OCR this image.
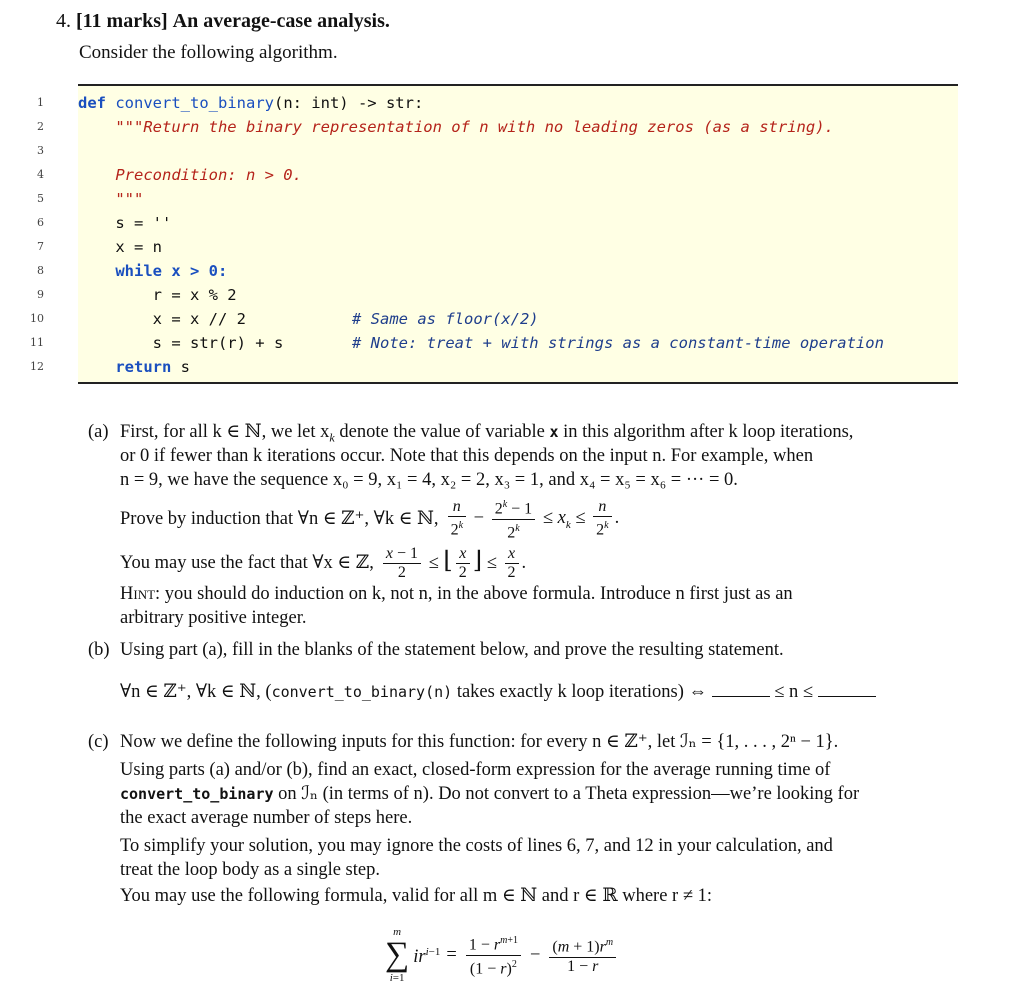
4. [11 marks] An average-case analysis.
Consider the following algorithm.
1 def convert_to_binary(n: int) -> str:
2	"""Return the binary representation of n with no leading zeros (as a string).
3
4	Precondition: n > 0.
5	"""
6	s = ''
7	x = n
8	while x > 0:
9	r = x % 2
10	x = x // 2	# Same as floor(x/2)
11	s = str(r) + s	# Note: treat + with strings as a constant-time operation
12	return s
(a) First, for all k ∈ ℕ, we let $x_k$ denote the value of variable x in this algorithm after k loop iterations,
or 0 if fewer than k iterations occur. Note that this depends on the input n. For example, when
n = 9, we have the sequence x₀ = 9, x₁ = 4, x₂ = 2, x₃ = 1, and x₄ = x₅ = x₆ = ··· = 0.
Prove by induction that ∀n ∈ ℤ⁺, ∀k ∈ ℕ, $\frac{n}{2^k} - \frac{2^k - 1}{2^k} \le x_k \le \frac{n}{2^k}$ .
You may use the fact that ∀x ∈ ℤ, $\frac{x - 1}{2}$ ≤ ⌊ $\frac{x}{2}$ ⌋ ≤ $\frac{x}{2}$ .
Hint: you should do induction on k, not n, in the above formula. Introduce n first just as an
arbitrary positive integer.
(b) Using part (a), fill in the blanks of the statement below, and prove the resulting statement.
∀n ∈ ℤ⁺, ∀k ∈ ℕ, (convert_to_binary(n) takes exactly k loop iterations) ⇔	≤ n ≤
(c) Now we define the following inputs for this function: for every n ∈ ℤ⁺, let ℐₙ = {1, . . . , 2ⁿ − 1}.
Using parts (a) and/or (b), find an exact, closed-form expression for the average running time of
convert_to_binary on ℐₙ (in terms of n). Do not convert to a Theta expression—we’re looking for
the exact average number of steps here.
To simplify your solution, you may ignore the costs of lines 6, 7, and 12 in your calculation, and
treat the loop body as a single step.
You may use the following formula, valid for all m ∈ ℕ and r ∈ ℝ where r ≠ 1:
m
∑
i=1
$ir^{i-1} = \frac{1 - r^{m+1}}{(1 - r)^2} - \frac{(m + 1)r^m}{1 - r}$
